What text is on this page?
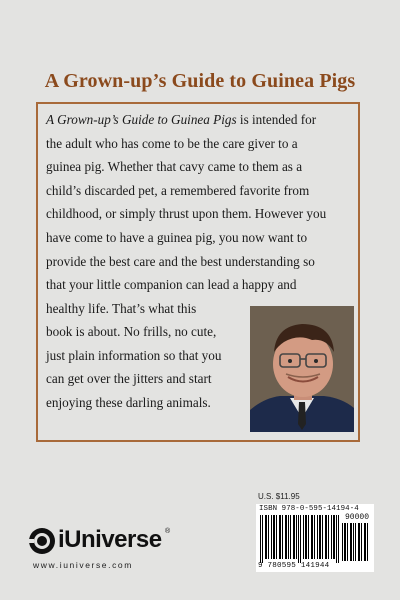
A Grown-up’s Guide to Guinea Pigs

A Grown-up’s Guide to Guinea Pigs is intended for
the adult who has come to be the care giver to a
guinea pig. Whether that cavy came to them as a
child’s discarded pet, a remembered favorite from
childhood, or simply thrust upon them. However you
have come to have a guinea pig, you now want to
provide the best care and the best understanding so
that your little companion can lead a happy and
healthy life. That’s what this

book is about. No frills, no cute,
just plain information so that you
can get over the jitters and start
enjoying these darling animals.

U.S. $11.95
ISBN 978-0-595-14194-4
90000
9 780595 141944
iUniverse ®
www.iuniverse.com
